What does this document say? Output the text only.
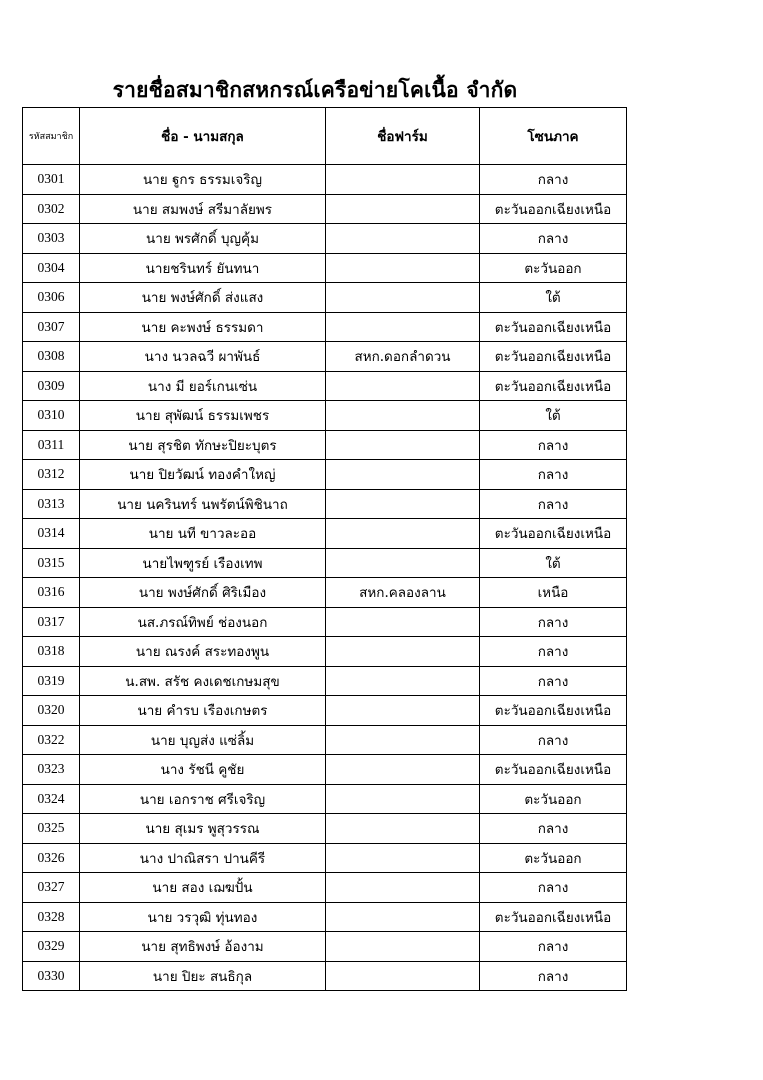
รายชื่อสมาชิกสหกรณ์เครือข่ายโคเนื้อ จำกัด
รหัสสมาชิก	ชื่อ - นามสกุล	ชื่อฟาร์ม	โซนภาค
0301	นาย ฐูกร ธรรมเจริญ		กลาง
0302	นาย สมพงษ์ สรีมาลัยพร		ตะวันออกเฉียงเหนือ
0303	นาย พรศักดิ์ บุญคุ้ม		กลาง
0304	นายชรินทร์ ยันทนา		ตะวันออก
0306	นาย พงษ์ศักดิ์ ส่งแสง		ใต้
0307	นาย คะพงษ์ ธรรมดา		ตะวันออกเฉียงเหนือ
0308	นาง นวลฉวี ผาพันธ์	สหก.ดอกลำดวน	ตะวันออกเฉียงเหนือ
0309	นาง มี ยอร์เกนเซ่น		ตะวันออกเฉียงเหนือ
0310	นาย สุพัฒน์ ธรรมเพชร		ใต้
0311	นาย สุรชิต ทักษะปิยะบุตร		กลาง
0312	นาย ปิยวัฒน์ ทองคำใหญ่		กลาง
0313	นาย นครินทร์ นพรัตน์พิชินาถ		กลาง
0314	นาย นที ขาวละออ		ตะวันออกเฉียงเหนือ
0315	นายไพฑูรย์ เรืองเทพ		ใต้
0316	นาย พงษ์ศักดิ์ ศิริเมือง	สหก.คลองลาน	เหนือ
0317	นส.ภรณ์ทิพย์ ช่องนอก		กลาง
0318	นาย ณรงค์ สระทองพูน		กลาง
0319	น.สพ. สรัช คงเดชเกษมสุข		กลาง
0320	นาย คำรบ เรืองเกษตร		ตะวันออกเฉียงเหนือ
0322	นาย บุญส่ง แซ่ลิ้ม		กลาง
0323	นาง รัชนี คูชัย		ตะวันออกเฉียงเหนือ
0324	นาย เอกราช ศรีเจริญ		ตะวันออก
0325	นาย สุเมร พูสุวรรณ		กลาง
0326	นาง ปาณิสรา ปานคีรี		ตะวันออก
0327	นาย สอง เฌฆปั้น		กลาง
0328	นาย วรวุฒิ ทุ่นทอง		ตะวันออกเฉียงเหนือ
0329	นาย สุทธิพงษ์ อ้องาม		กลาง
0330	นาย ปิยะ สนธิกุล		กลาง
